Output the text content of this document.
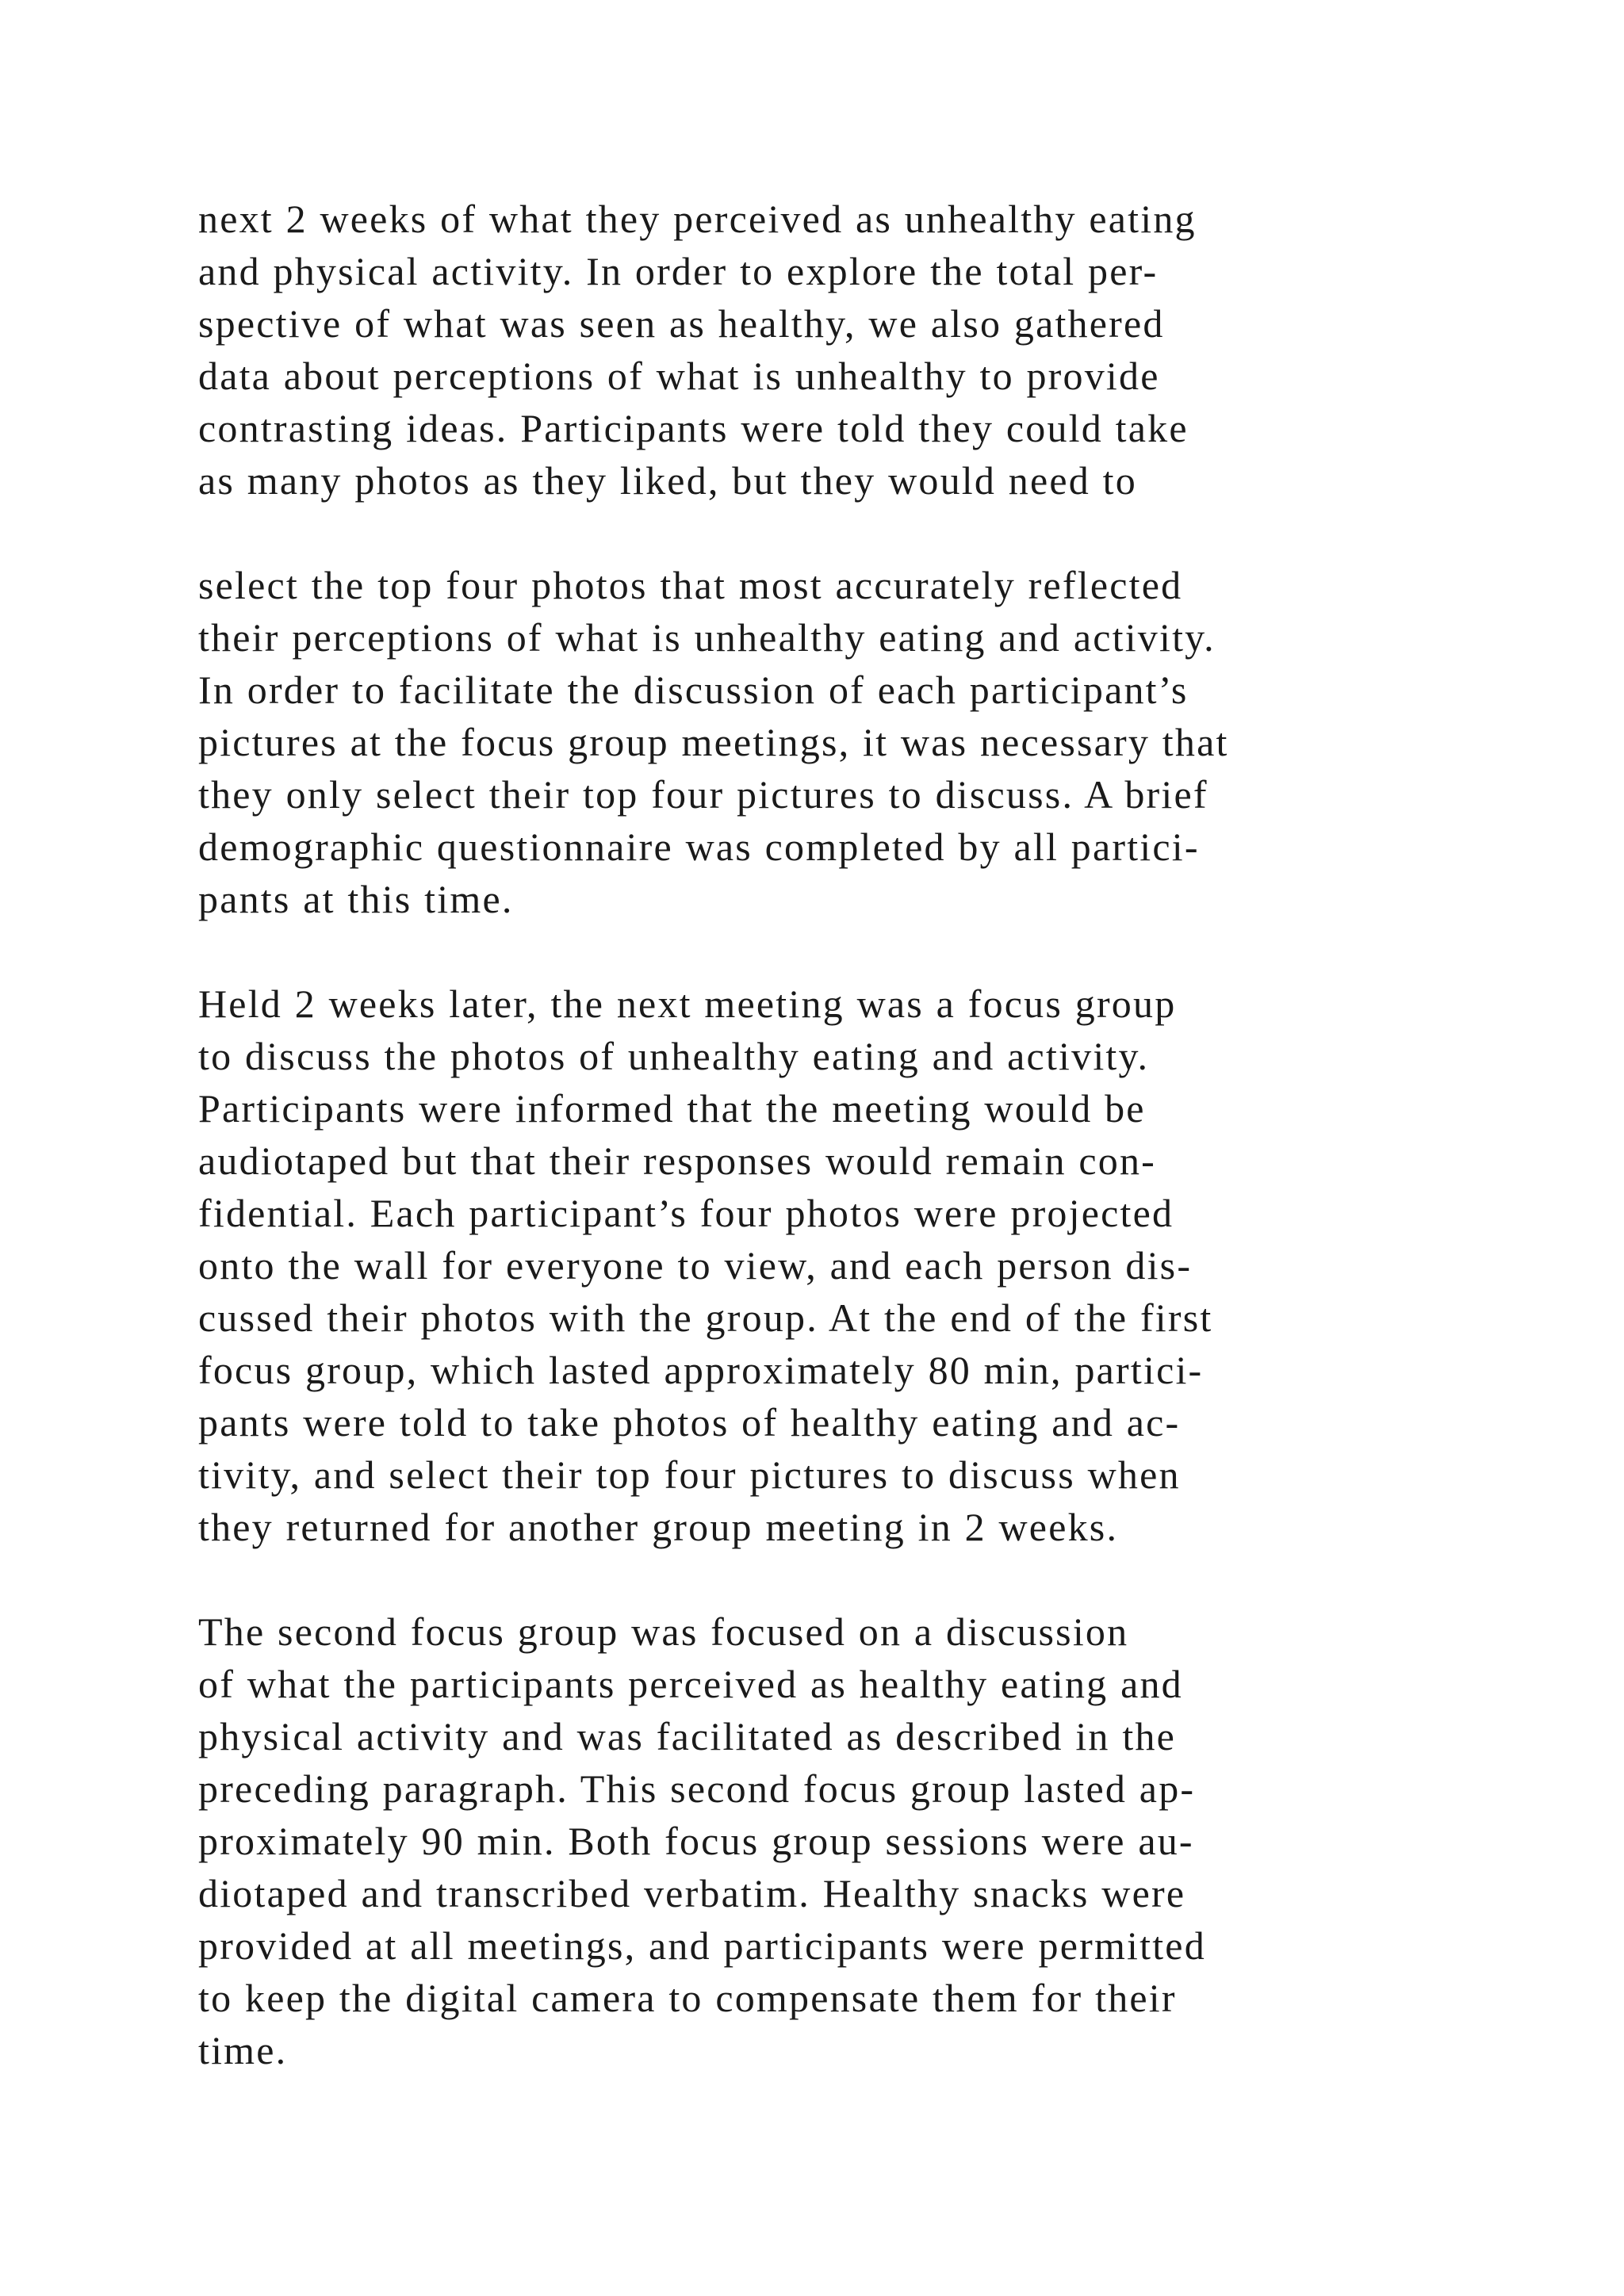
next 2 weeks of what they perceived as unhealthy eating
and physical activity. In order to explore the total per-
spective of what was seen as healthy, we also gathered
data about perceptions of what is unhealthy to provide
contrasting ideas. Participants were told they could take
as many photos as they liked, but they would need to
select the top four photos that most accurately reflected
their perceptions of what is unhealthy eating and activity.
In order to facilitate the discussion of each participant’s
pictures at the focus group meetings, it was necessary that
they only select their top four pictures to discuss. A brief
demographic questionnaire was completed by all partici-
pants at this time.
Held 2 weeks later, the next meeting was a focus group
to discuss the photos of unhealthy eating and activity.
Participants were informed that the meeting would be
audiotaped but that their responses would remain con-
fidential. Each participant’s four photos were projected
onto the wall for everyone to view, and each person dis-
cussed their photos with the group. At the end of the first
focus group, which lasted approximately 80 min, partici-
pants were told to take photos of healthy eating and ac-
tivity, and select their top four pictures to discuss when
they returned for another group meeting in 2 weeks.
The second focus group was focused on a discussion
of what the participants perceived as healthy eating and
physical activity and was facilitated as described in the
preceding paragraph. This second focus group lasted ap-
proximately 90 min. Both focus group sessions were au-
diotaped and transcribed verbatim. Healthy snacks were
provided at all meetings, and participants were permitted
to keep the digital camera to compensate them for their
time.
